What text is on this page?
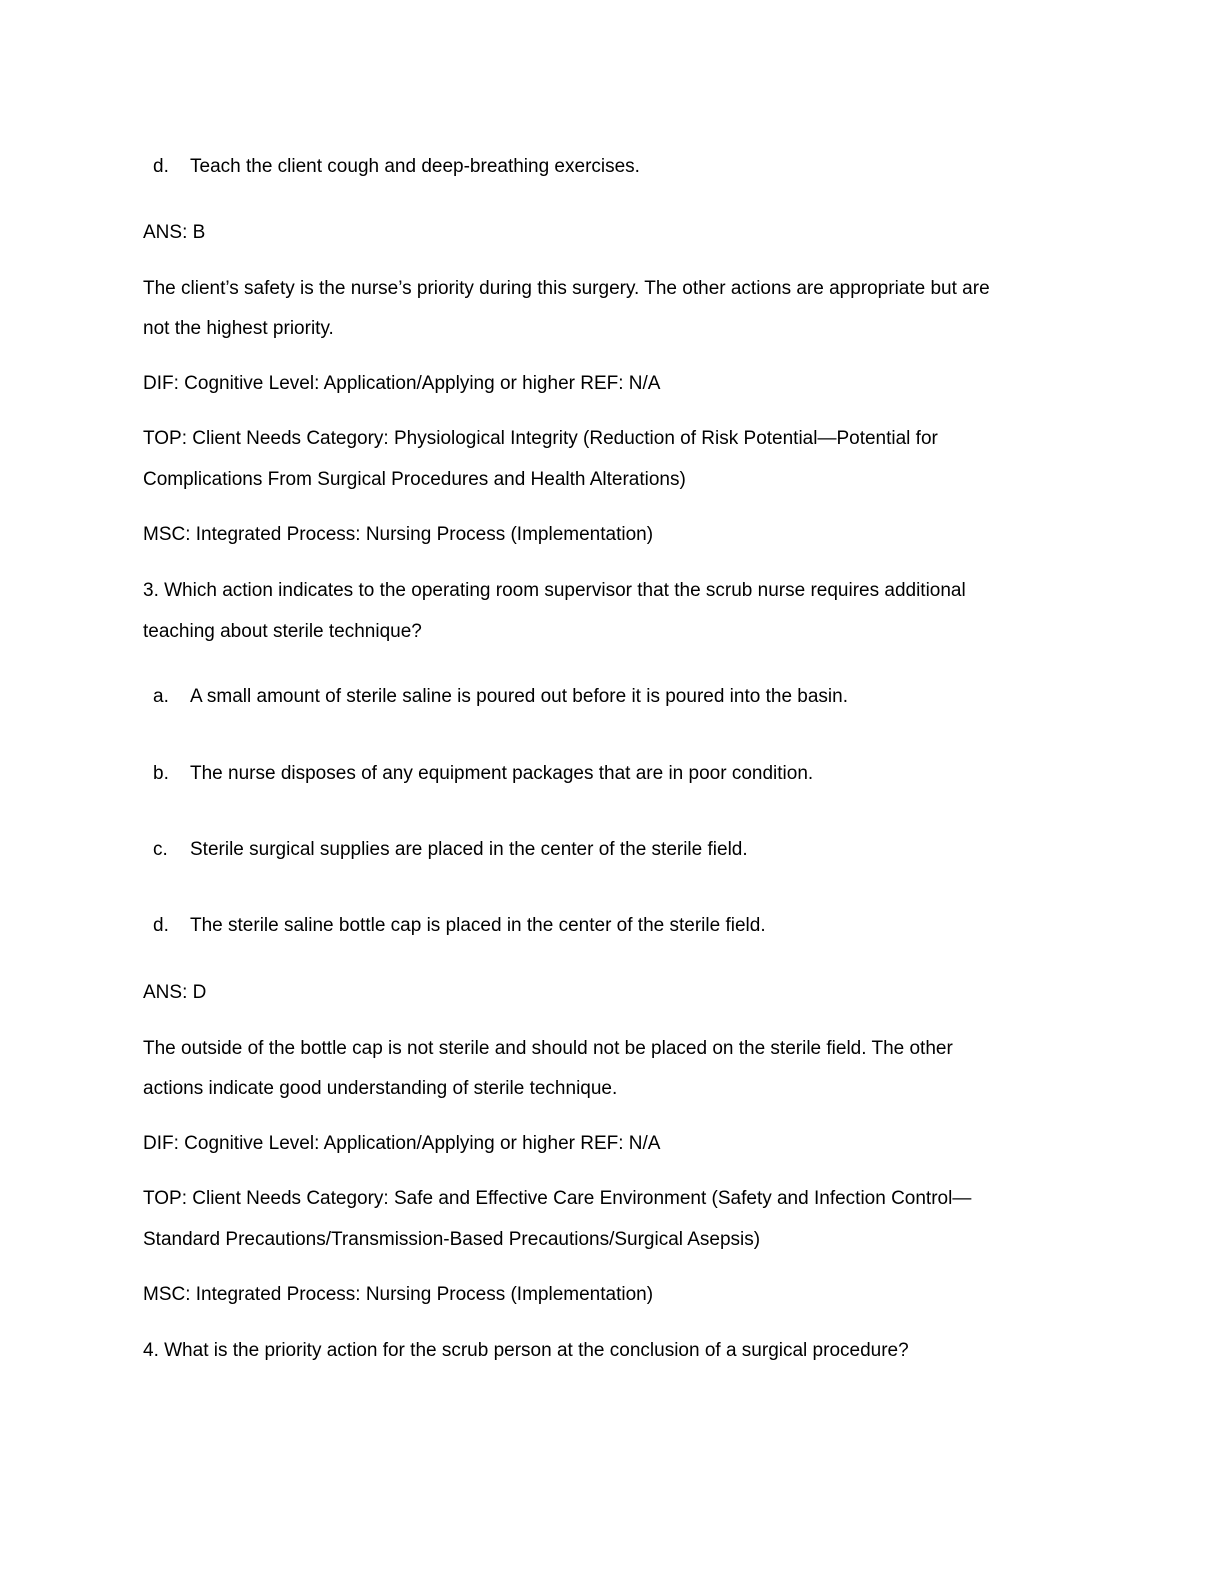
d. Teach the client cough and deep-breathing exercises.
ANS: B
The client’s safety is the nurse’s priority during this surgery. The other actions are appropriate but are
not the highest priority.
DIF: Cognitive Level: Application/Applying or higher REF: N/A
TOP: Client Needs Category: Physiological Integrity (Reduction of Risk Potential—Potential for
Complications From Surgical Procedures and Health Alterations)
MSC: Integrated Process: Nursing Process (Implementation)
3. Which action indicates to the operating room supervisor that the scrub nurse requires additional
teaching about sterile technique?
a. A small amount of sterile saline is poured out before it is poured into the basin.
b. The nurse disposes of any equipment packages that are in poor condition.
c. Sterile surgical supplies are placed in the center of the sterile field.
d. The sterile saline bottle cap is placed in the center of the sterile field.
ANS: D
The outside of the bottle cap is not sterile and should not be placed on the sterile field. The other
actions indicate good understanding of sterile technique.
DIF: Cognitive Level: Application/Applying or higher REF: N/A
TOP: Client Needs Category: Safe and Effective Care Environment (Safety and Infection Control—
Standard Precautions/Transmission-Based Precautions/Surgical Asepsis)
MSC: Integrated Process: Nursing Process (Implementation)
4. What is the priority action for the scrub person at the conclusion of a surgical procedure?
